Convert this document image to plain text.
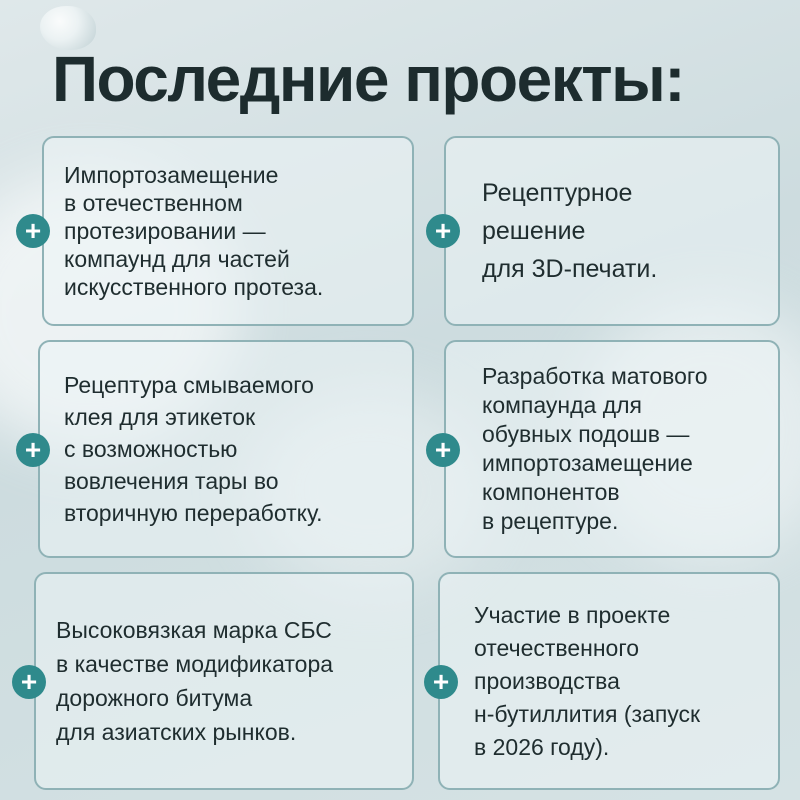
Последние проекты:
Импортозамещение
в отечественном
протезировании —
компаунд для частей
искусственного протеза.
+
Рецептурное
решение
для 3D-печати.
+
Рецептура смываемого
клея для этикеток
с возможностью
вовлечения тары во
вторичную переработку.
+
Разработка матового
компаунда для
обувных подошв —
импортозамещение
компонентов
в рецептуре.
+
Высоковязкая марка СБС
в качестве модификатора
дорожного битума
для азиатских рынков.
+
Участие в проекте
отечественного
производства
н-бутиллития (запуск
в 2026 году).
+
